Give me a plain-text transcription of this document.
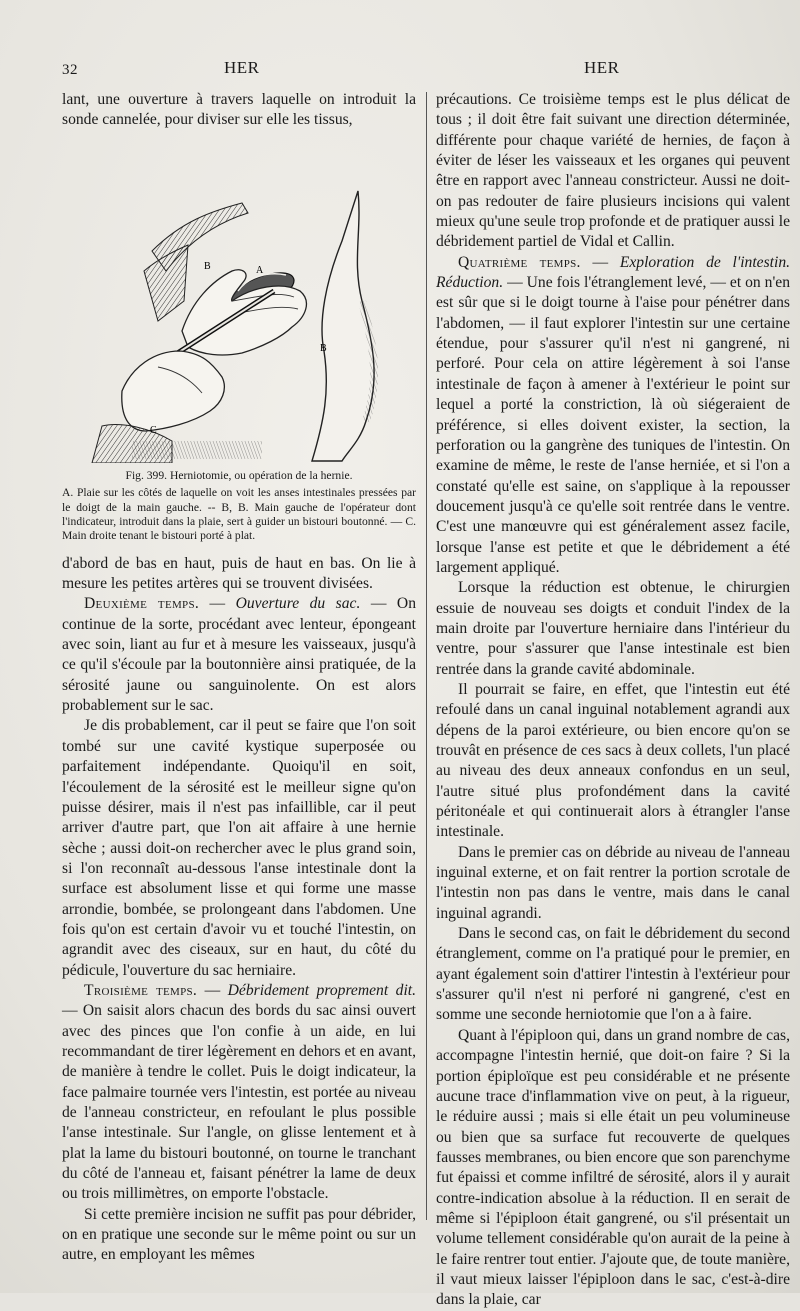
32	HER	HER

lant, une ouverture à travers laquelle on introduit la sonde cannelée, pour diviser sur elle les tissus,

B	A
B
C
Fig. 399. Herniotomie, ou opération de la hernie.
A. Plaie sur les côtés de laquelle on voit les anses intestinales pressées par le doigt de la main gauche. -- B, B. Main gauche de l'opérateur dont l'indicateur, introduit dans la plaie, sert à guider un bistouri boutonné. — C. Main droite tenant le bistouri porté à plat.

d'abord de bas en haut, puis de haut en bas. On lie à mesure les petites artères qui se trouvent divisées.

Deuxième temps. — Ouverture du sac. — On continue de la sorte, procédant avec lenteur, épongeant avec soin, liant au fur et à mesure les vaisseaux, jusqu'à ce qu'il s'écoule par la boutonnière ainsi pratiquée, de la sérosité jaune ou sanguinolente. On est alors probablement sur le sac.

Je dis probablement, car il peut se faire que l'on soit tombé sur une cavité kystique superposée ou parfaitement indépendante. Quoiqu'il en soit, l'écoulement de la sérosité est le meilleur signe qu'on puisse désirer, mais il n'est pas infaillible, car il peut arriver d'autre part, que l'on ait affaire à une hernie sèche ; aussi doit-on rechercher avec le plus grand soin, si l'on reconnaît au-dessous l'anse intestinale dont la surface est absolument lisse et qui forme une masse arrondie, bombée, se prolongeant dans l'abdomen. Une fois qu'on est certain d'avoir vu et touché l'intestin, on agrandit avec des ciseaux, sur en haut, du côté du pédicule, l'ouverture du sac herniaire.

Troisième temps. — Débridement proprement dit. — On saisit alors chacun des bords du sac ainsi ouvert avec des pinces que l'on confie à un aide, en lui recommandant de tirer légèrement en dehors et en avant, de manière à tendre le collet. Puis le doigt indicateur, la face palmaire tournée vers l'intestin, est portée au niveau de l'anneau constricteur, en refoulant le plus possible l'anse intestinale. Sur l'angle, on glisse lentement et à plat la lame du bistouri boutonné, on tourne le tranchant du côté de l'anneau et, faisant pénétrer la lame de deux ou trois millimètres, on emporte l'obstacle.

Si cette première incision ne suffit pas pour débrider, on en pratique une seconde sur le même point ou sur un autre, en employant les mêmes

précautions. Ce troisième temps est le plus délicat de tous ; il doit être fait suivant une direction déterminée, différente pour chaque variété de hernies, de façon à éviter de léser les vaisseaux et les organes qui peuvent être en rapport avec l'anneau constricteur. Aussi ne doit-on pas redouter de faire plusieurs incisions qui valent mieux qu'une seule trop profonde et de pratiquer aussi le débridement partiel de Vidal et Callin.

Quatrième temps. — Exploration de l'intestin. Réduction. — Une fois l'étranglement levé, — et on n'en est sûr que si le doigt tourne à l'aise pour pénétrer dans l'abdomen, — il faut explorer l'intestin sur une certaine étendue, pour s'assurer qu'il n'est ni gangrené, ni perforé. Pour cela on attire légèrement à soi l'anse intestinale de façon à amener à l'extérieur le point sur lequel a porté la constriction, là où siégeraient de préférence, si elles doivent exister, la section, la perforation ou la gangrène des tuniques de l'intestin. On examine de même, le reste de l'anse herniée, et si l'on a constaté qu'elle est saine, on s'applique à la repousser doucement jusqu'à ce qu'elle soit rentrée dans le ventre. C'est une manœuvre qui est généralement assez facile, lorsque l'anse est petite et que le débridement a été largement appliqué.

Lorsque la réduction est obtenue, le chirurgien essuie de nouveau ses doigts et conduit l'index de la main droite par l'ouverture herniaire dans l'intérieur du ventre, pour s'assurer que l'anse intestinale est bien rentrée dans la grande cavité abdominale.

Il pourrait se faire, en effet, que l'intestin eut été refoulé dans un canal inguinal notablement agrandi aux dépens de la paroi extérieure, ou bien encore qu'on se trouvât en présence de ces sacs à deux collets, l'un placé au niveau des deux anneaux confondus en un seul, l'autre situé plus profondément dans la cavité péritonéale et qui continuerait alors à étrangler l'anse intestinale.

Dans le premier cas on débride au niveau de l'anneau inguinal externe, et on fait rentrer la portion scrotale de l'intestin non pas dans le ventre, mais dans le canal inguinal agrandi.

Dans le second cas, on fait le débridement du second étranglement, comme on l'a pratiqué pour le premier, en ayant également soin d'attirer l'intestin à l'extérieur pour s'assurer qu'il n'est ni perforé ni gangrené, c'est en somme une seconde herniotomie que l'on a à faire.

Quant à l'épiploon qui, dans un grand nombre de cas, accompagne l'intestin hernié, que doit-on faire ? Si la portion épiploïque est peu considérable et ne présente aucune trace d'inflammation vive on peut, à la rigueur, le réduire aussi ; mais si elle était un peu volumineuse ou bien que sa surface fut recouverte de quelques fausses membranes, ou bien encore que son parenchyme fut épaissi et comme infiltré de sérosité, alors il y aurait contre-indication absolue à la réduction. Il en serait de même si l'épiploon était gangrené, ou s'il présentait un volume tellement considérable qu'on aurait de la peine à le faire rentrer tout entier. J'ajoute que, de toute manière, il vaut mieux laisser l'épiploon dans le sac, c'est-à-dire dans la plaie, car
